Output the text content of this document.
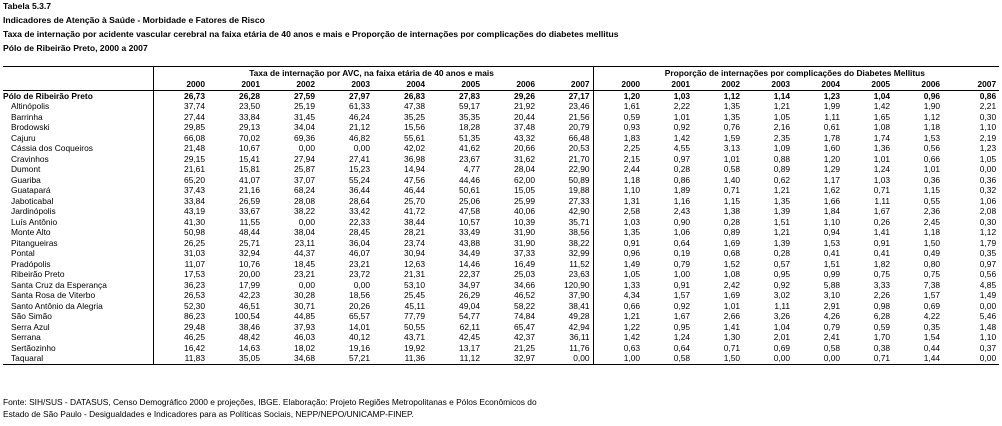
Tabela 5.3.7
Indicadores de Atenção à Saúde - Morbidade e Fatores de Risco
Taxa de internação por acidente vascular cerebral na faixa etária de 40 anos e mais e Proporção de internações por complicações do diabetes mellitus
Pólo de Ribeirão Preto, 2000 a 2007
	Taxa de internação por AVC, na faixa etária de 40 anos e mais								Proporção de internações por complicações do Diabetes Mellitus							
	2000	2001	2002	2003	2004	2005	2006	2007	2000	2001	2002	2003	2004	2005	2006	2007
Pólo de Ribeirão Preto	26,73	26,28	27,59	27,97	26,83	27,83	29,26	27,17	1,20	1,03	1,12	1,14	1,23	1,04	0,96	0,86
Altinópolis	37,74	23,50	25,19	61,33	47,38	59,17	21,92	23,46	1,61	2,22	1,35	1,21	1,99	1,42	1,90	2,21
Barrinha	27,44	33,84	31,45	46,24	35,25	35,35	20,44	21,56	0,59	1,01	1,35	1,05	1,11	1,65	1,12	0,30
Brodowski	29,85	29,13	34,04	21,12	15,56	18,28	37,48	20,79	0,93	0,92	0,76	2,16	0,61	1,08	1,18	1,10
Cajuru	66,08	70,02	69,36	46,82	55,61	51,35	43,32	66,48	1,83	1,42	1,59	2,35	1,78	1,74	1,53	2,19
Cássia dos Coqueiros	21,48	10,67	0,00	0,00	42,02	41,62	20,66	20,53	2,25	4,55	3,13	1,09	1,60	1,36	0,56	1,23
Cravinhos	29,15	15,41	27,94	27,41	36,98	23,67	31,62	21,70	2,15	0,97	1,01	0,88	1,20	1,01	0,66	1,05
Dumont	21,61	15,81	25,87	15,23	14,94	4,77	28,04	22,90	2,44	0,28	0,58	0,89	1,29	1,24	1,01	0,00
Guariba	65,20	41,07	37,07	55,24	47,56	44,46	62,00	50,89	1,18	0,86	1,40	0,62	1,17	1,03	0,36	0,36
Guatapará	37,43	21,16	68,24	36,44	46,44	50,61	15,05	19,88	1,10	1,89	0,71	1,21	1,62	0,71	1,15	0,32
Jaboticabal	33,84	26,59	28,08	28,64	25,70	25,06	25,99	27,33	1,31	1,16	1,15	1,35	1,66	1,11	0,55	1,06
Jardinópolis	43,19	33,67	38,22	33,42	41,72	47,58	40,06	42,90	2,58	2,43	1,38	1,39	1,84	1,67	2,36	2,08
Luís Antônio	41,30	11,55	0,00	22,33	38,44	10,57	10,39	35,71	1,03	0,90	0,28	1,51	1,10	0,26	2,45	0,30
Monte Alto	50,98	48,44	38,04	28,45	28,21	33,49	31,90	38,56	1,35	1,06	0,89	1,21	0,94	1,41	1,18	1,12
Pitangueiras	26,25	25,71	23,11	36,04	23,74	43,88	31,90	38,22	0,91	0,64	1,69	1,39	1,53	0,91	1,50	1,79
Pontal	31,03	32,94	44,37	46,07	30,94	34,49	37,33	32,99	0,96	0,19	0,68	0,28	0,41	0,41	0,49	0,35
Pradópolis	11,07	10,76	18,45	23,21	12,63	14,46	16,49	11,52	1,49	0,79	1,52	0,57	1,51	1,82	0,80	0,97
Ribeirão Preto	17,53	20,00	23,21	23,72	21,31	22,37	25,03	23,63	1,05	1,00	1,08	0,95	0,99	0,75	0,75	0,56
Santa Cruz da Esperança	36,23	17,99	0,00	0,00	53,10	34,97	34,66	120,90	1,33	0,91	2,42	0,92	5,88	3,33	7,38	4,85
Santa Rosa de Viterbo	26,53	42,23	30,28	18,56	25,45	26,29	46,52	37,90	4,34	1,57	1,69	3,02	3,10	2,26	1,57	1,49
Santo Antônio da Alegria	52,30	46,51	30,71	20,26	45,11	49,04	58,22	38,41	0,66	0,92	1,01	1,11	2,91	0,98	0,69	0,00
São Simão	86,23	100,54	44,85	65,57	77,79	54,77	74,84	49,28	1,21	1,67	2,66	3,26	4,26	6,28	4,22	5,46
Serra Azul	29,48	38,46	37,93	14,01	50,55	62,11	65,47	42,94	1,22	0,95	1,41	1,04	0,79	0,59	0,35	1,48
Serrana	46,25	48,42	46,03	40,12	43,71	42,45	42,37	36,11	1,42	1,24	1,30	2,01	2,41	1,70	1,54	1,10
Sertãozinho	16,42	14,63	18,02	19,16	19,92	13,17	21,25	11,76	0,63	0,64	0,71	0,69	0,58	0,38	0,44	0,37
Taquaral	11,83	35,05	34,68	57,21	11,36	11,12	32,97	0,00	1,00	0,58	1,50	0,00	0,00	0,71	1,44	0,00
Fonte: SIH/SUS - DATASUS, Censo Demográfico 2000 e projeções, IBGE. Elaboração: Projeto Regiões Metropolitanas e Pólos Econômicos do
Estado de São Paulo - Desigualdades e Indicadores para as Políticas Sociais, NEPP/NEPO/UNICAMP-FINEP.
